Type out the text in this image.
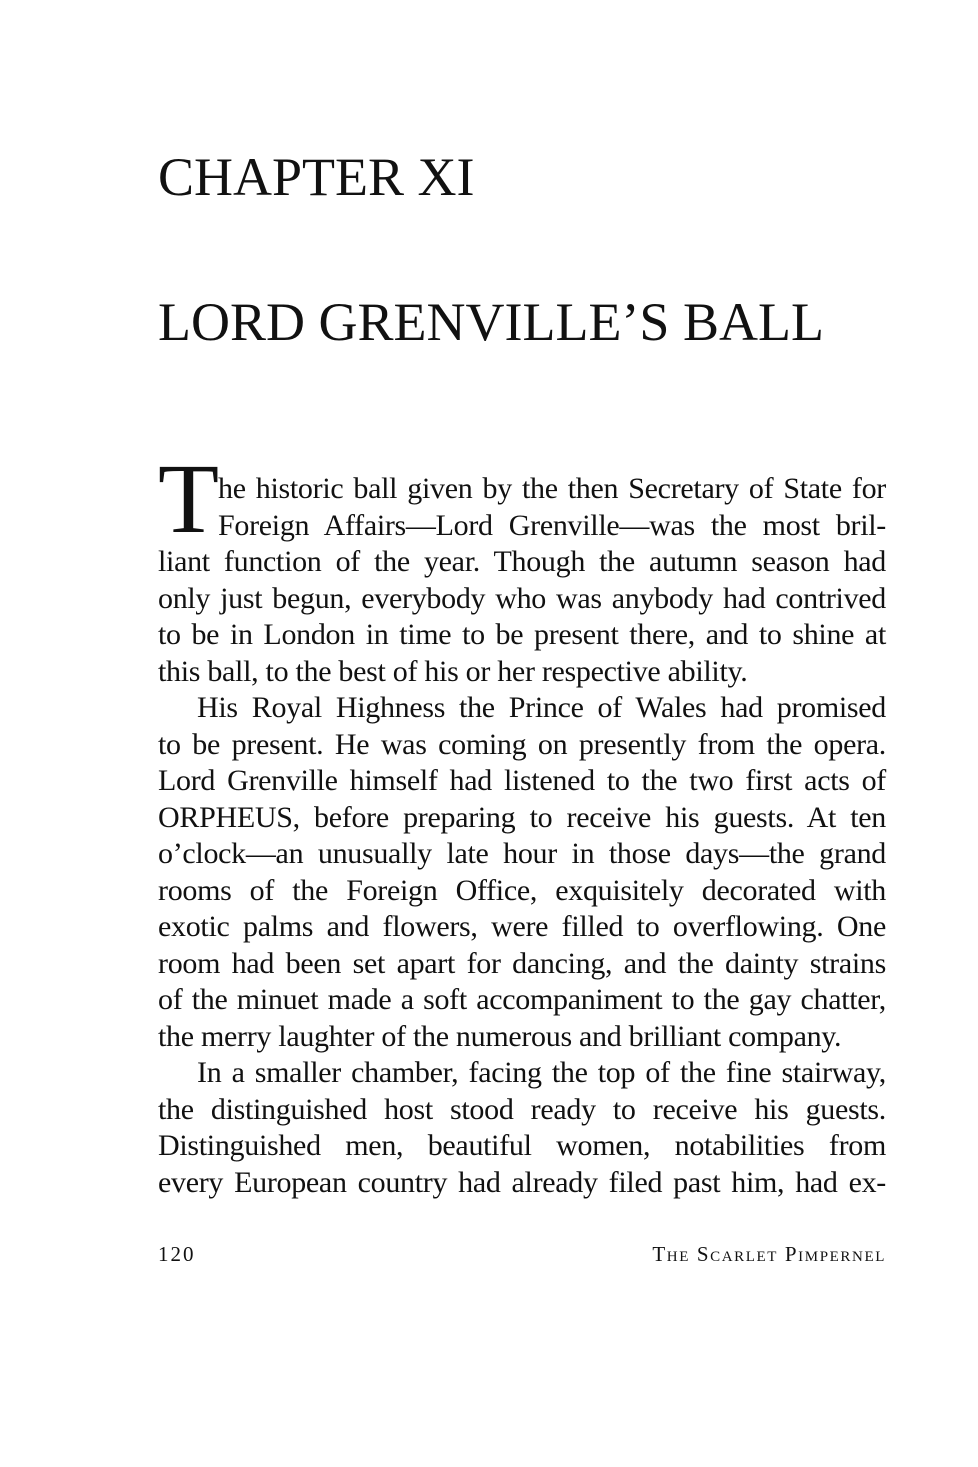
CHAPTER XI
LORD GRENVILLE’S BALL
T
he historic ball given by the then Secretary of State for
Foreign Affairs—Lord Grenville—was the most bril-
liant function of the year. Though the autumn season had
only just begun, everybody who was anybody had contrived
to be in London in time to be present there, and to shine at
this ball, to the best of his or her respective ability.
His Royal Highness the Prince of Wales had promised
to be present. He was coming on presently from the opera.
Lord Grenville himself had listened to the two first acts of
ORPHEUS, before preparing to receive his guests. At ten
o’clock—an unusually late hour in those days—the grand
rooms of the Foreign Office, exquisitely decorated with
exotic palms and flowers, were filled to overflowing. One
room had been set apart for dancing, and the dainty strains
of the minuet made a soft accompaniment to the gay chatter,
the merry laughter of the numerous and brilliant company.
In a smaller chamber, facing the top of the fine stairway,
the distinguished host stood ready to receive his guests.
Distinguished men, beautiful women, notabilities from
every European country had already filed past him, had ex-
120	The Scarlet Pimpernel
